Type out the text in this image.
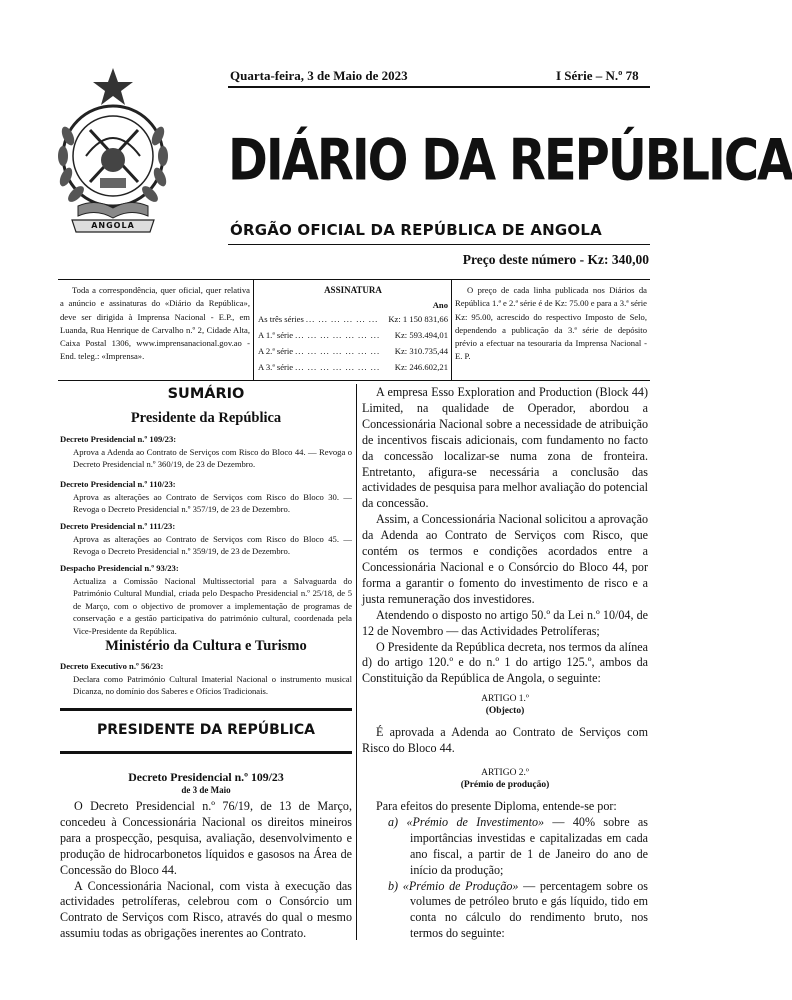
ANGOLA
Quarta-feira, 3 de Maio de 2023	I Série – N.º 78
DIÁRIO DA REPÚBLICA
ÓRGÃO OFICIAL DA REPÚBLICA DE ANGOLA
Preço deste número - Kz: 340,00
Toda a correspondência, quer oficial, quer relativa a anúncio e assinaturas do «Diário da República», deve ser dirigida à Imprensa Nacional - E.P., em Luanda, Rua Henrique de Carvalho n.º 2, Cidade Alta, Caixa Postal 1306, www.imprensanacional.gov.ao - End. teleg.: «Imprensa».
ASSINATURA
Ano
As três séries ... ... ... ... ... ...	Kz: 1 150 831,66
A 1.ª série ... ... ... ... ... ... ...	Kz: 593.494,01
A 2.ª série ... ... ... ... ... ... ...	Kz: 310.735,44
A 3.ª série ... ... ... ... ... ... ...	Kz: 246.602,21
O preço de cada linha publicada nos Diários da República 1.ª e 2.ª série é de Kz: 75.00 e para a 3.ª série Kz: 95.00, acrescido do respectivo Imposto de Selo, dependendo a publicação da 3.ª série de depósito prévio a efectuar na tesouraria da Imprensa Nacional - E. P.
SUMÁRIO
Presidente da República
Decreto Presidencial n.º 109/23:
Aprova a Adenda ao Contrato de Serviços com Risco do Bloco 44. — Revoga o Decreto Presidencial n.º 360/19, de 23 de Dezembro.
Decreto Presidencial n.º 110/23:
Aprova as alterações ao Contrato de Serviços com Risco do Bloco 30. — Revoga o Decreto Presidencial n.º 357/19, de 23 de Dezembro.
Decreto Presidencial n.º 111/23:
Aprova as alterações ao Contrato de Serviços com Risco do Bloco 45. — Revoga o Decreto Presidencial n.º 359/19, de 23 de Dezembro.
Despacho Presidencial n.º 93/23:
Actualiza a Comissão Nacional Multissectorial para a Salvaguarda do Património Cultural Mundial, criada pelo Despacho Presidencial n.º 25/18, de 5 de Março, com o objectivo de promover a implementação de programas de conservação e a gestão participativa do património cultural, coordenada pela Vice-Presidente da República.
Ministério da Cultura e Turismo
Decreto Executivo n.º 56/23:
Declara como Património Cultural Imaterial Nacional o instrumento musical Dicanza, no domínio dos Saberes e Ofícios Tradicionais.
PRESIDENTE DA REPÚBLICA
Decreto Presidencial n.º 109/23
de 3 de Maio

O Decreto Presidencial n.º 76/19, de 13 de Março, concedeu à Concessionária Nacional os direitos mineiros para a prospecção, pesquisa, avaliação, desenvolvimento e produção de hidrocarbonetos líquidos e gasosos na Área de Concessão do Bloco 44.

A Concessionária Nacional, com vista à execução das actividades petrolíferas, celebrou com o Consórcio um Contrato de Serviços com Risco, através do qual o mesmo assumiu todas as obrigações inerentes ao Contrato.

A empresa Esso Exploration and Production (Block 44) Limited, na qualidade de Operador, abordou a Concessionária Nacional sobre a necessidade de atribuição de incentivos fiscais adicionais, com fundamento no facto da concessão localizar-se numa zona de fronteira. Entretanto, afigura-se necessária a conclusão das actividades de pesquisa para melhor avaliação do potencial da concessão.

Assim, a Concessionária Nacional solicitou a aprovação da Adenda ao Contrato de Serviços com Risco, que contém os termos e condições acordados entre a Concessionária Nacional e o Consórcio do Bloco 44, por forma a garantir o fomento do investimento de risco e a justa remuneração dos investidores.

Atendendo o disposto no artigo 50.º da Lei n.º 10/04, de 12 de Novembro — das Actividades Petrolíferas;

O Presidente da República decreta, nos termos da alínea d) do artigo 120.º e do n.º 1 do artigo 125.º, ambos da Constituição da República de Angola, o seguinte:

ARTIGO 1.º
(Objecto)

É aprovada a Adenda ao Contrato de Serviços com Risco do Bloco 44.

ARTIGO 2.º
(Prémio de produção)

Para efeitos do presente Diploma, entende-se por:

a) «Prémio de Investimento» — 40% sobre as importâncias investidas e capitalizadas em cada ano fiscal, a partir de 1 de Janeiro do ano de início da produção;

b) «Prémio de Produção» — percentagem sobre os volumes de petróleo bruto e gás líquido, tido em conta no cálculo do rendimento bruto, nos termos do seguinte:
